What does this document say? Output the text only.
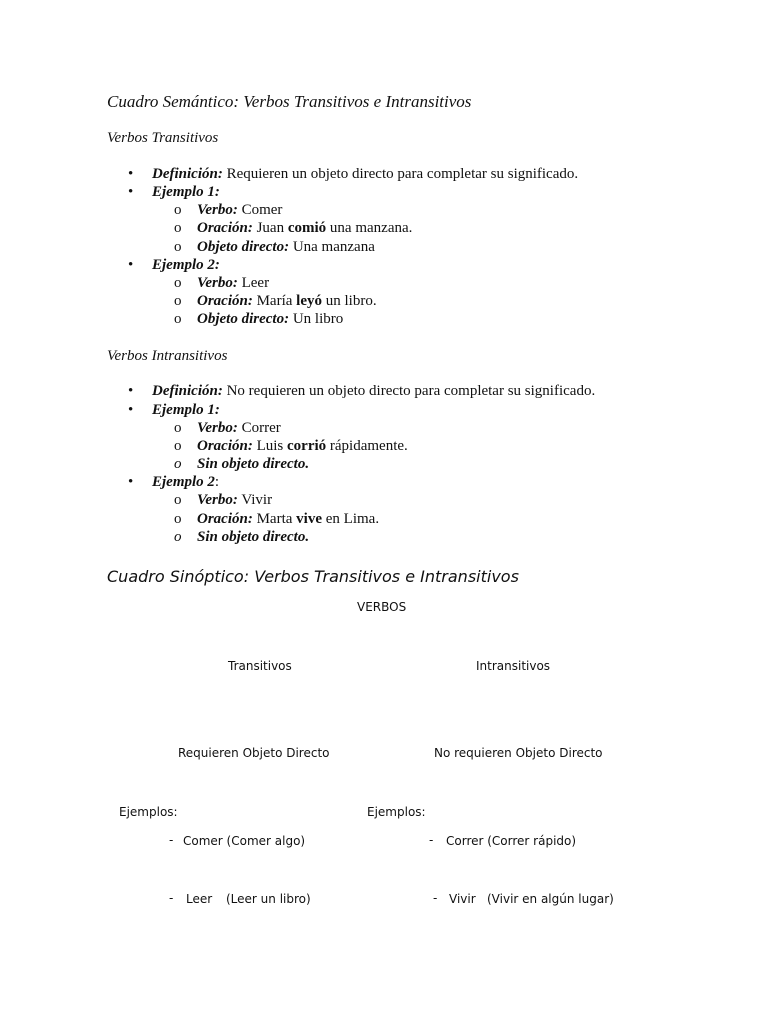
Cuadro Semántico: Verbos Transitivos e Intransitivos
Verbos Transitivos
• Definición: Requieren un objeto directo para completar su significado.
• Ejemplo 1:
o Verbo: Comer
o Oración: Juan comió una manzana.
o Objeto directo: Una manzana
• Ejemplo 2:
o Verbo: Leer
o Oración: María leyó un libro.
o Objeto directo: Un libro
Verbos Intransitivos
• Definición: No requieren un objeto directo para completar su significado.
• Ejemplo 1:
o Verbo: Correr
o Oración: Luis corrió rápidamente.
o Sin objeto directo.
• Ejemplo 2:
o Verbo: Vivir
o Oración: Marta vive en Lima.
o Sin objeto directo.
Cuadro Sinóptico: Verbos Transitivos e Intransitivos
VERBOS
Transitivos	Intransitivos
Requieren Objeto Directo	No requieren Objeto Directo
Ejemplos:	Ejemplos:
- Comer (Comer algo)	- Correr (Correr rápido)
- Leer (Leer un libro)	- Vivir (Vivir en algún lugar)
